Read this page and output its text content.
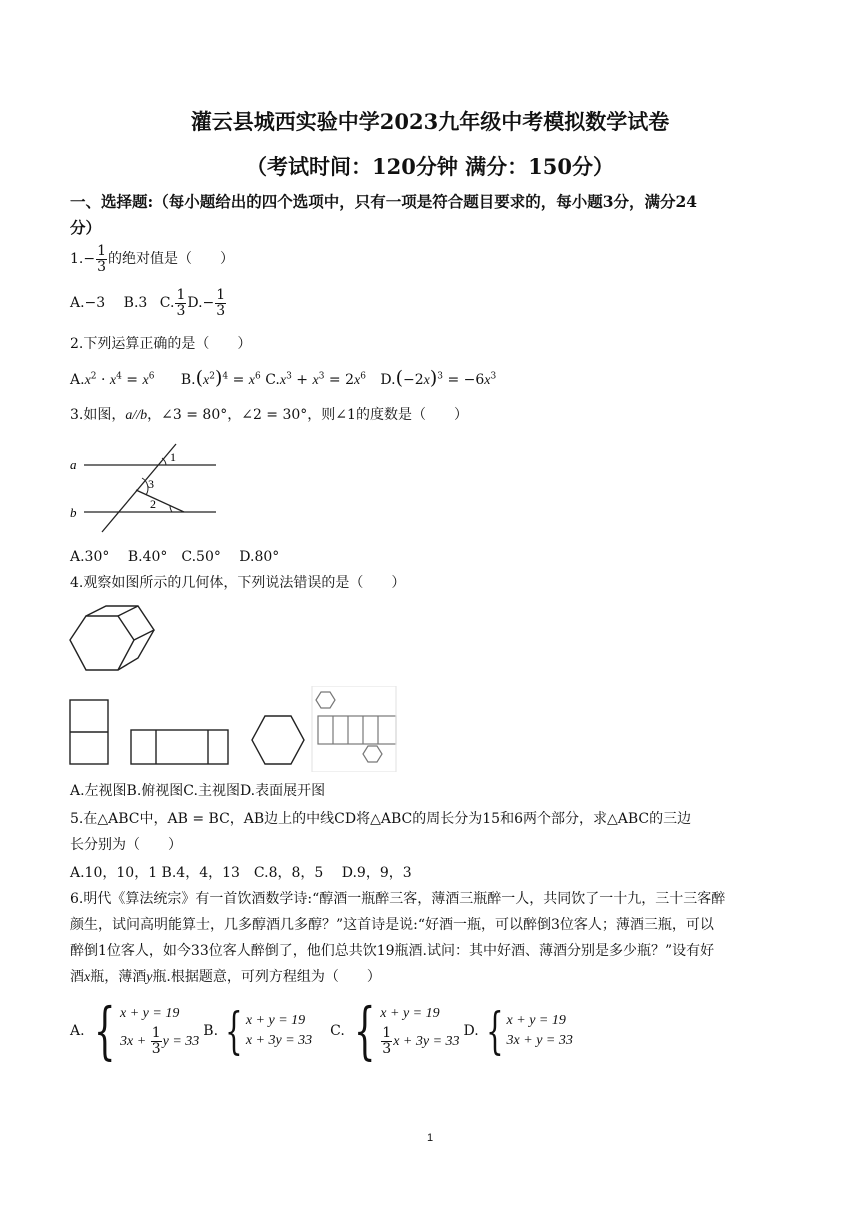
灌云县城西实验中学2023九年级中考模拟数学试卷
（考试时间：120分钟 满分：150分）
一、选择题:（每小题给出的四个选项中，只有一项是符合题目要求的，每小题3分，满分24
分）
$1.- \frac{1}{3}$ 的绝对值是（　　）
A.−3 B.3 C. $\frac{1}{3} D.- \frac{1}{3}$
2.下列运算正确的是（　　）
$A.x^2 \cdot x^4 = x^6$ $B.(x^2)^4 = x^6$ $C.x^3 + x^3 = 2x^6$ $D.(-2x)^3 = -6x^3$
3.如图，a//b，∠3 = 80°，∠2 = 30°，则∠1的度数是（　　）
a
b
1
3
2
A.30°　 B.40°　C.50°　 D.80°
4.观察如图所示的几何体，下列说法错误的是（　　）
A.左视图B.俯视图C.主视图D.表面展开图
5.在△ABC中，AB = BC，AB边上的中线CD将△ABC的周长分为15和6两个部分，求△ABC的三边
长分别为（　　）
A.10，10，1 B.4，4，13　C.8，8，5　 D.9，9，3
6.明代《算法统宗》有一首饮酒数学诗:“醇酒一瓶醉三客，薄酒三瓶醉一人，共同饮了一十九，三十三客醉
颜生，试问高明能算士，几多醇酒几多醇？”这首诗是说:“好酒一瓶，可以醉倒3位客人；薄酒三瓶，可以
醉倒1位客人，如今33位客人醉倒了，他们总共饮19瓶酒.试问：其中好酒、薄酒分别是多少瓶？”设有好
酒x瓶，薄酒y瓶.根据题意，可列方程组为（　　）
A. { x + y = 19
$3x + \frac{1}{3}$ y = 33
B. { x + y = 19
x + 3y = 33
C. { x + y = 19
$\frac{1}{3}$ x + 3y = 33
D. { x + y = 19
3x + y = 33
1
